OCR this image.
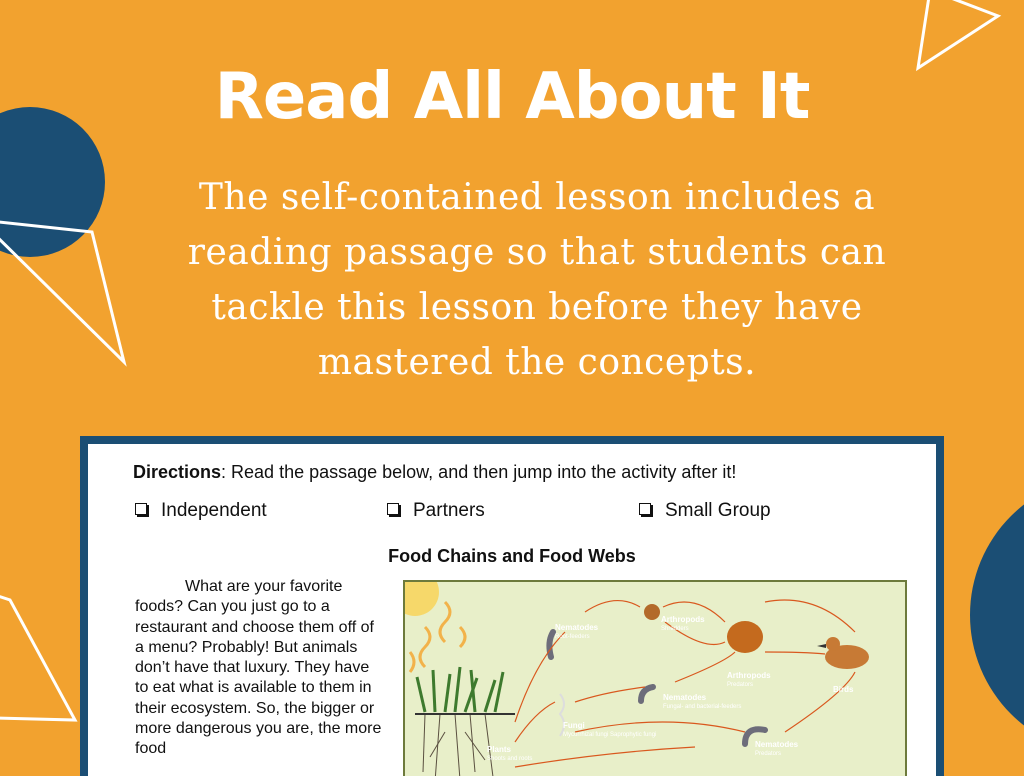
Read All About It

The self-contained lesson includes a reading passage so that students can tackle this lesson before they have mastered the concepts.

Directions: Read the passage below, and then jump into the activity after it!
Independent	Partners	Small Group
Food Chains and Food Webs
What are your favorite foods? Can you just go to a restaurant and choose them off of a menu? Probably! But animals don’t have that luxury. They have to eat what is available to them in their ecosystem. So, the bigger or more dangerous you are, the more food
Nematodes
Root-feeders
Arthropods
Shredders
Arthropods
Predators	Birds
Nematodes
Fungal- and bacterial-feeders
Fungi
Mycorrhizal fungi Saprophytic fungi
Plants
Shoots and roots
Nematodes
Predators
